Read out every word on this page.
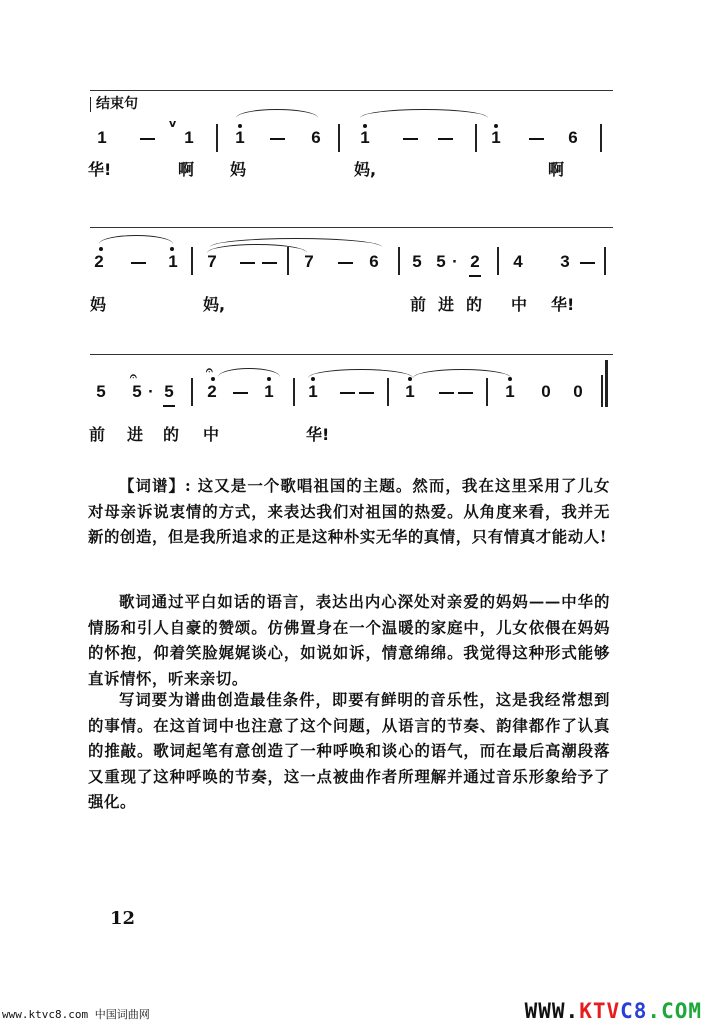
结束句
1
v
1 1	6 1	1	6
华!	啊 妈	妈,	啊
2	1 7	7	6 5 5 · 2 4 3
妈	妈,	前 进 的 中 华!
5
𝄐
5 · 5
𝄐
2	1 1	1	1 0 0
前 进 的 中	华!

【词谱】: 这又是一个歌唱祖国的主题。然而，我在这里采用了儿女对母亲诉说衷情的方式，来表达我们对祖国的热爱。从角度来看，我并无新的创造，但是我所追求的正是这种朴实无华的真情，只有情真才能动人!

歌词通过平白如话的语言，表达出内心深处对亲爱的妈妈——中华的情肠和引人自豪的赞颂。仿佛置身在一个温暖的家庭中，儿女依偎在妈妈的怀抱，仰着笑脸娓娓谈心，如说如诉，情意绵绵。我觉得这种形式能够直诉情怀，听来亲切。

写词要为谱曲创造最佳条件，即要有鲜明的音乐性，这是我经常想到的事情。在这首词中也注意了这个问题，从语言的节奏、韵律都作了认真的推敲。歌词起笔有意创造了一种呼唤和谈心的语气，而在最后高潮段落又重现了这种呼唤的节奏，这一点被曲作者所理解并通过音乐形象给予了强化。

12
www.ktvc8.com 中国词曲网	WWW.KTVC8.COM
